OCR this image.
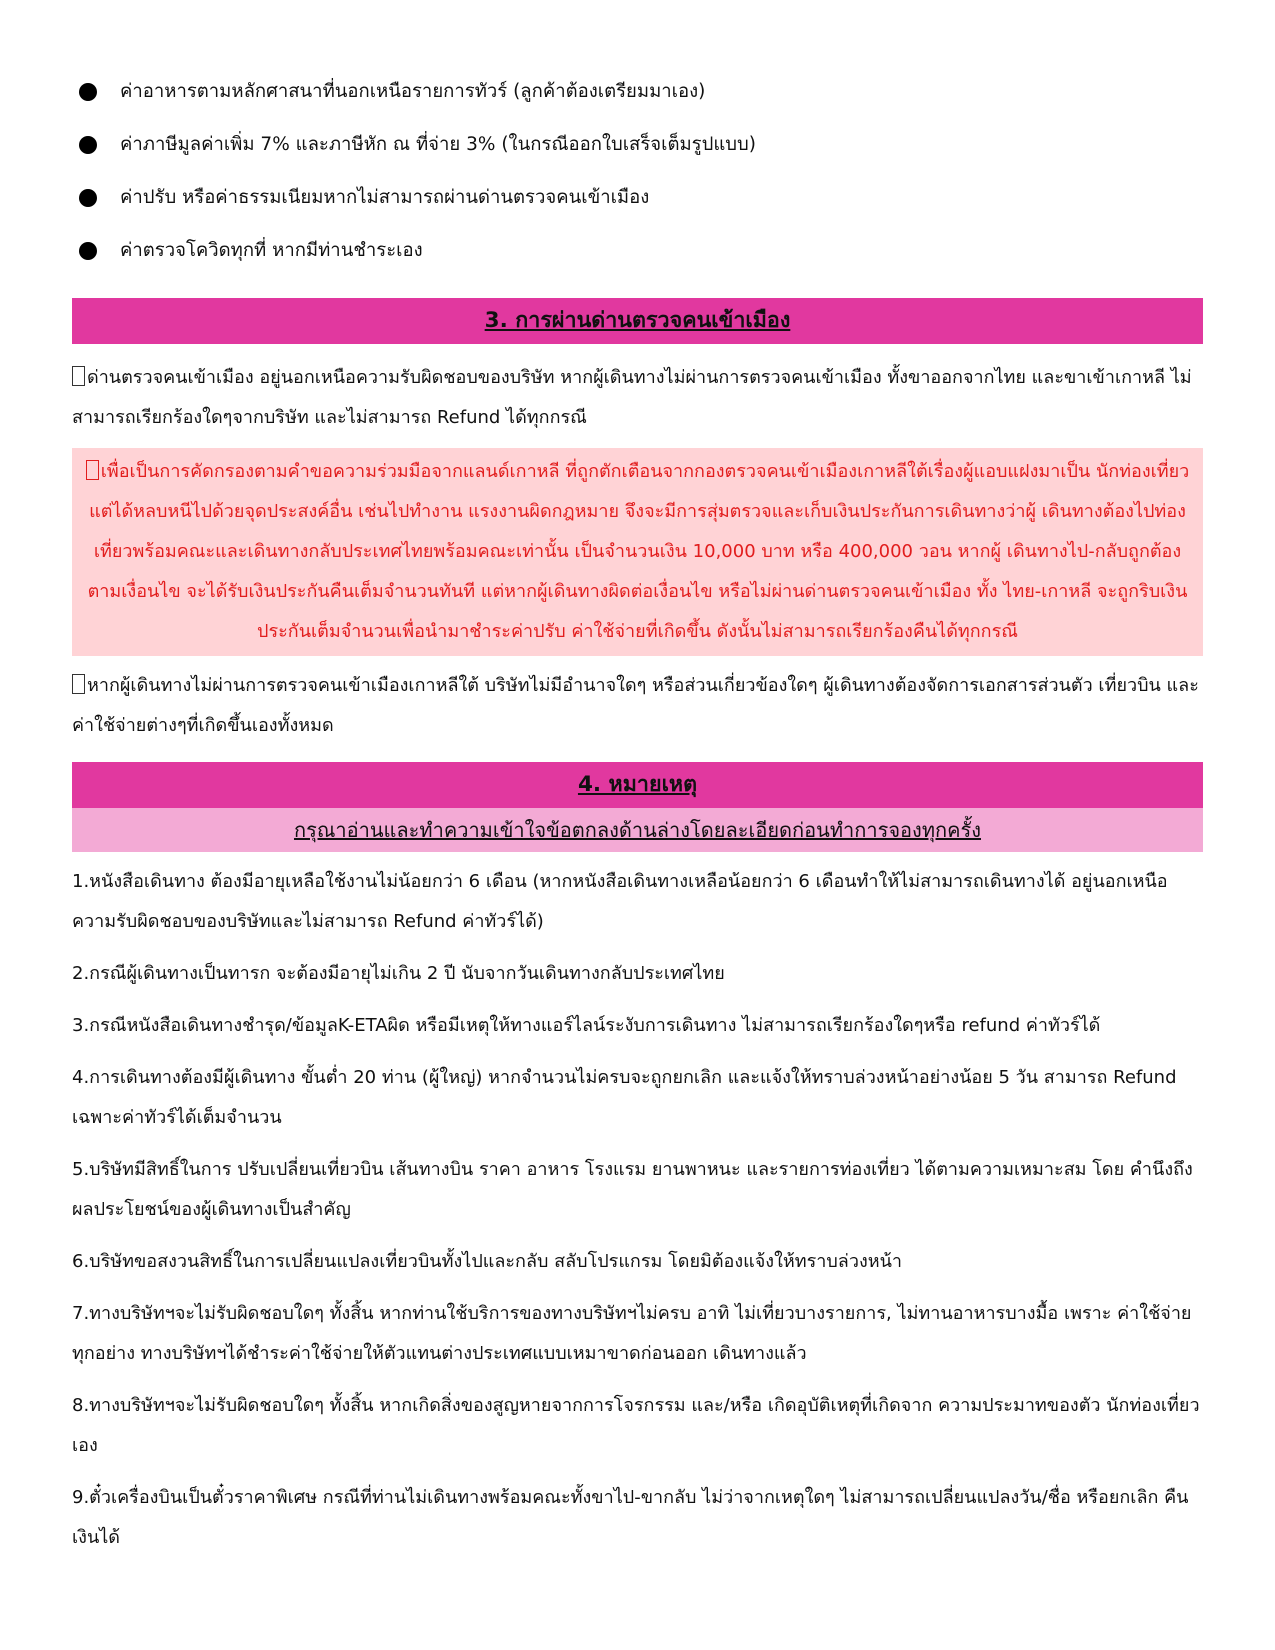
ค่าอาหารตามหลักศาสนาที่นอกเหนือรายการทัวร์ (ลูกค้าต้องเตรียมมาเอง)
ค่าภาษีมูลค่าเพิ่ม 7% และภาษีหัก ณ ที่จ่าย 3% (ในกรณีออกใบเสร็จเต็มรูปแบบ)
ค่าปรับ หรือค่าธรรมเนียมหากไม่สามารถผ่านด่านตรวจคนเข้าเมือง
ค่าตรวจโควิดทุกที่ หากมีท่านชำระเอง
3. การผ่านด่านตรวจคนเข้าเมือง

ด่านตรวจคนเข้าเมือง อยู่นอกเหนือความรับผิดชอบของบริษัท หากผู้เดินทางไม่ผ่านการตรวจคนเข้าเมือง ทั้งขาออกจากไทย และขาเข้าเกาหลี ไม่สามารถเรียกร้องใดๆจากบริษัท และไม่สามารถ Refund ได้ทุกกรณี

เพื่อเป็นการคัดกรองตามคำขอความร่วมมือจากแลนด์เกาหลี ที่ถูกตักเตือนจากกองตรวจคนเข้าเมืองเกาหลีใต้เรื่องผู้แอบแฝงมาเป็น นักท่องเที่ยว แต่ได้หลบหนีไปด้วยจุดประสงค์อื่น เช่นไปทำงาน แรงงานผิดกฎหมาย จึงจะมีการสุ่มตรวจและเก็บเงินประกันการเดินทางว่าผู้ เดินทางต้องไปท่องเที่ยวพร้อมคณะและเดินทางกลับประเทศไทยพร้อมคณะเท่านั้น เป็นจำนวนเงิน 10,000 บาท หรือ 400,000 วอน หากผู้ เดินทางไป-กลับถูกต้องตามเงื่อนไข จะได้รับเงินประกันคืนเต็มจำนวนทันที แต่หากผู้เดินทางผิดต่อเงื่อนไข หรือไม่ผ่านด่านตรวจคนเข้าเมือง ทั้ง ไทย-เกาหลี จะถูกริบเงินประกันเต็มจำนวนเพื่อนำมาชำระค่าปรับ ค่าใช้จ่ายที่เกิดขึ้น ดังนั้นไม่สามารถเรียกร้องคืนได้ทุกกรณี

หากผู้เดินทางไม่ผ่านการตรวจคนเข้าเมืองเกาหลีใต้ บริษัทไม่มีอำนาจใดๆ หรือส่วนเกี่ยวข้องใดๆ ผู้เดินทางต้องจัดการเอกสารส่วนตัว เที่ยวบิน และค่าใช้จ่ายต่างๆที่เกิดขึ้นเองทั้งหมด

4. หมายเหตุ
กรุณาอ่านและทำความเข้าใจข้อตกลงด้านล่างโดยละเอียดก่อนทำการจองทุกครั้ง

1.หนังสือเดินทาง ต้องมีอายุเหลือใช้งานไม่น้อยกว่า 6 เดือน (หากหนังสือเดินทางเหลือน้อยกว่า 6 เดือนทำให้ไม่สามารถเดินทางได้ อยู่นอกเหนือ ความรับผิดชอบของบริษัทและไม่สามารถ Refund ค่าทัวร์ได้)

2.กรณีผู้เดินทางเป็นทารก จะต้องมีอายุไม่เกิน 2 ปี นับจากวันเดินทางกลับประเทศไทย

3.กรณีหนังสือเดินทางชำรุด/ข้อมูลK-ETAผิด หรือมีเหตุให้ทางแอร์ไลน์ระงับการเดินทาง ไม่สามารถเรียกร้องใดๆหรือ refund ค่าทัวร์ได้

4.การเดินทางต้องมีผู้เดินทาง ขั้นต่ำ 20 ท่าน (ผู้ใหญ่) หากจำนวนไม่ครบจะถูกยกเลิก และแจ้งให้ทราบล่วงหน้าอย่างน้อย 5 วัน สามารถ Refund เฉพาะค่าทัวร์ได้เต็มจำนวน

5.บริษัทมีสิทธิ์ในการ ปรับเปลี่ยนเที่ยวบิน เส้นทางบิน ราคา อาหาร โรงแรม ยานพาหนะ และรายการท่องเที่ยว ได้ตามความเหมาะสม โดย คำนึงถึงผลประโยชน์ของผู้เดินทางเป็นสำคัญ

6.บริษัทขอสงวนสิทธิ์ในการเปลี่ยนแปลงเที่ยวบินทั้งไปและกลับ สลับโปรแกรม โดยมิต้องแจ้งให้ทราบล่วงหน้า

7.ทางบริษัทฯจะไม่รับผิดชอบใดๆ ทั้งสิ้น หากท่านใช้บริการของทางบริษัทฯไม่ครบ อาทิ ไม่เที่ยวบางรายการ, ไม่ทานอาหารบางมื้อ เพราะ ค่าใช้จ่ายทุกอย่าง ทางบริษัทฯได้ชำระค่าใช้จ่ายให้ตัวแทนต่างประเทศแบบเหมาขาดก่อนออก เดินทางแล้ว

8.ทางบริษัทฯจะไม่รับผิดชอบใดๆ ทั้งสิ้น หากเกิดสิ่งของสูญหายจากการโจรกรรม และ/หรือ เกิดอุบัติเหตุที่เกิดจาก ความประมาทของตัว นักท่องเที่ยวเอง

9.ตั๋วเครื่องบินเป็นตั๋วราคาพิเศษ กรณีที่ท่านไม่เดินทางพร้อมคณะทั้งขาไป-ขากลับ ไม่ว่าจากเหตุใดๆ ไม่สามารถเปลี่ยนแปลงวัน/ชื่อ หรือยกเลิก คืนเงินได้
